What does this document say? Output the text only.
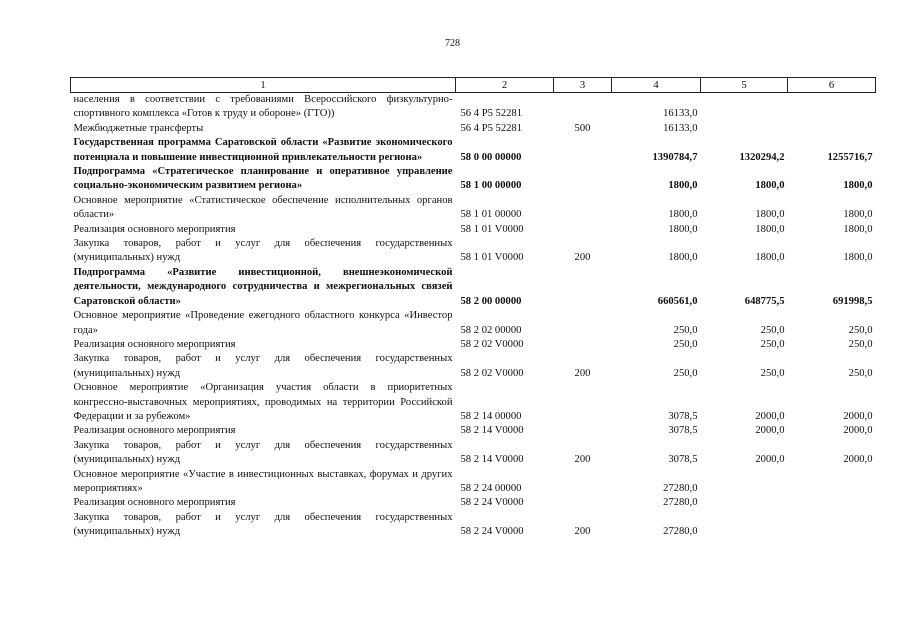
728
1	2	3	4	5	6
населения в соответствии с требованиями Всероссийского физкультурно-спортивного комплекса «Готов к труду и обороне» (ГТО))	56 4 P5 52281		16133,0		
Межбюджетные трансферты	56 4 P5 52281	500	16133,0		
Государственная программа Саратовской области «Развитие экономического потенциала и повышение инвестиционной привлекательности региона»	58 0 00 00000		1390784,7	1320294,2	1255716,7
Подпрограмма «Стратегическое планирование и оперативное управление социально-экономическим развитием региона»	58 1 00 00000		1800,0	1800,0	1800,0
Основное мероприятие «Статистическое обеспечение исполнительных органов области»	58 1 01 00000		1800,0	1800,0	1800,0
Реализация основного мероприятия	58 1 01 V0000		1800,0	1800,0	1800,0
Закупка товаров, работ и услуг для обеспечения государственных (муниципальных) нужд	58 1 01 V0000	200	1800,0	1800,0	1800,0
Подпрограмма «Развитие инвестиционной, внешнеэкономической деятельности, международного сотрудничества и межрегиональных связей Саратовской области»	58 2 00 00000		660561,0	648775,5	691998,5
Основное мероприятие «Проведение ежегодного областного конкурса «Инвестор года»	58 2 02 00000		250,0	250,0	250,0
Реализация основного мероприятия	58 2 02 V0000		250,0	250,0	250,0
Закупка товаров, работ и услуг для обеспечения государственных (муниципальных) нужд	58 2 02 V0000	200	250,0	250,0	250,0
Основное мероприятие «Организация участия области в приоритетных конгрессно-выставочных мероприятиях, проводимых на территории Российской Федерации и за рубежом»	58 2 14 00000		3078,5	2000,0	2000,0
Реализация основного мероприятия	58 2 14 V0000		3078,5	2000,0	2000,0
Закупка товаров, работ и услуг для обеспечения государственных (муниципальных) нужд	58 2 14 V0000	200	3078,5	2000,0	2000,0
Основное мероприятие «Участие в инвестиционных выставках, форумах и других мероприятиях»	58 2 24 00000		27280,0		
Реализация основного мероприятия	58 2 24 V0000		27280,0		
Закупка товаров, работ и услуг для обеспечения государственных (муниципальных) нужд	58 2 24 V0000	200	27280,0		
